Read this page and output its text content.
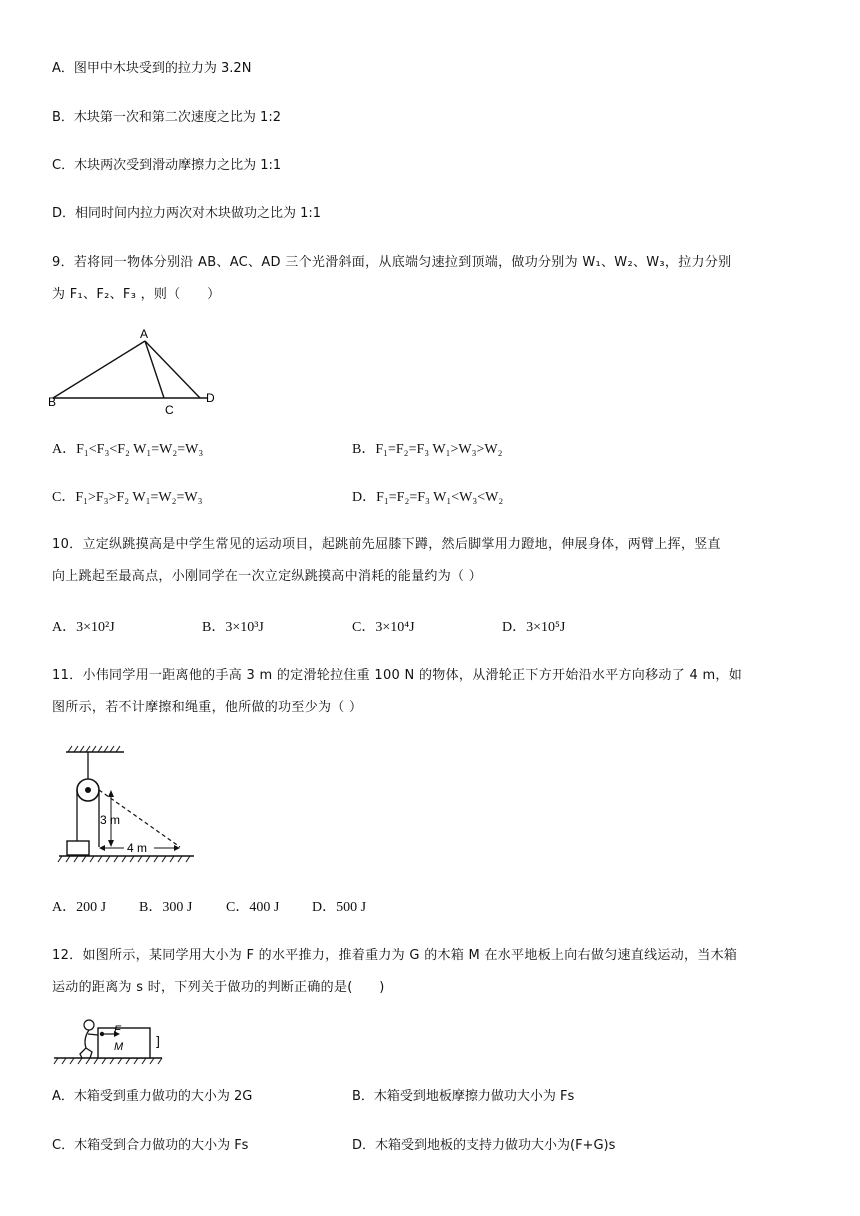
A．图甲中木块受到的拉力为 3.2N
B．木块第一次和第二次速度之比为 1:2
C．木块两次受到滑动摩擦力之比为 1:1
D．相同时间内拉力两次对木块做功之比为 1:1
9．若将同一物体分别沿 AB、AC、AD 三个光滑斜面，从底端匀速拉到顶端，做功分别为 W₁、W₂、W₃，拉力分别
为 F₁、F₂、F₃ ，则（　　）
A
B
C
D
A．F₁<F₃<F₂ W₁=W₂=W₃	B．F₁=F₂=F₃ W₁>W₃>W₂
C．F₁>F₃>F₂ W₁=W₂=W₃	D．F₁=F₂=F₃ W₁<W₃<W₂
10．立定纵跳摸高是中学生常见的运动项目，起跳前先屈膝下蹲，然后脚掌用力蹬地，伸展身体，两臂上挥，竖直
向上跳起至最高点，小刚同学在一次立定纵跳摸高中消耗的能量约为（ ）
A．3×10²J	B．3×10³J	C．3×10⁴J	D．3×10⁵J
11．小伟同学用一距离他的手高 3 m 的定滑轮拉住重 100 N 的物体，从滑轮正下方开始沿水平方向移动了 4 m，如
图所示，若不计摩擦和绳重，他所做的功至少为（ ）
3 m
4 m
A．200 J B．300 J C．400 J D．500 J
12．如图所示，某同学用大小为 F 的水平推力，推着重力为 G 的木箱 M 在水平地板上向右做匀速直线运动，当木箱
运动的距离为 s 时，下列关于做功的判断正确的是(　　)
F
M ]
A．木箱受到重力做功的大小为 2G	B．木箱受到地板摩擦力做功大小为 Fs
C．木箱受到合力做功的大小为 Fs	D．木箱受到地板的支持力做功大小为(F+G)s
